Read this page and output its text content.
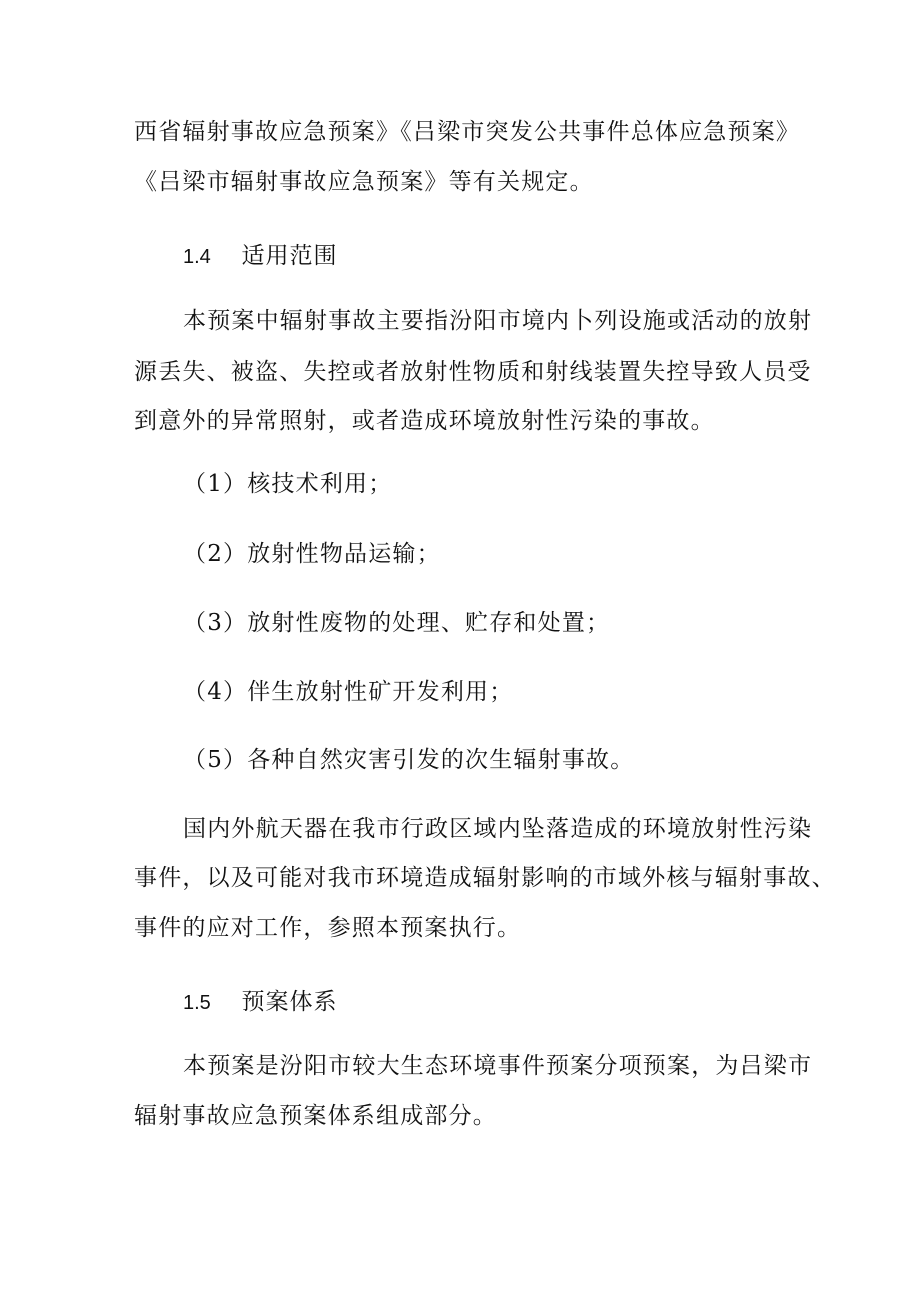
西省辐射事故应急预案》《吕梁市突发公共事件总体应急预案》

《吕梁市辐射事故应急预案》等有关规定。

1.4 适用范围

本预案中辐射事故主要指汾阳市境内卜列设施或活动的放射

源丢失、被盗、失控或者放射性物质和射线装置失控导致人员受

到意外的异常照射，或者造成环境放射性污染的事故。

（1）核技术利用；
（2）放射性物品运输；
（3）放射性废物的处理、贮存和处置；
（4）伴生放射性矿开发利用；
（5）各种自然灾害引发的次生辐射事故。

国内外航天器在我市行政区域内坠落造成的环境放射性污染

事件，以及可能对我市环境造成辐射影响的市域外核与辐射事故、

事件的应对工作，参照本预案执行。

1.5 预案体系

本预案是汾阳市较大生态环境事件预案分项预案，为吕梁市

辐射事故应急预案体系组成部分。
